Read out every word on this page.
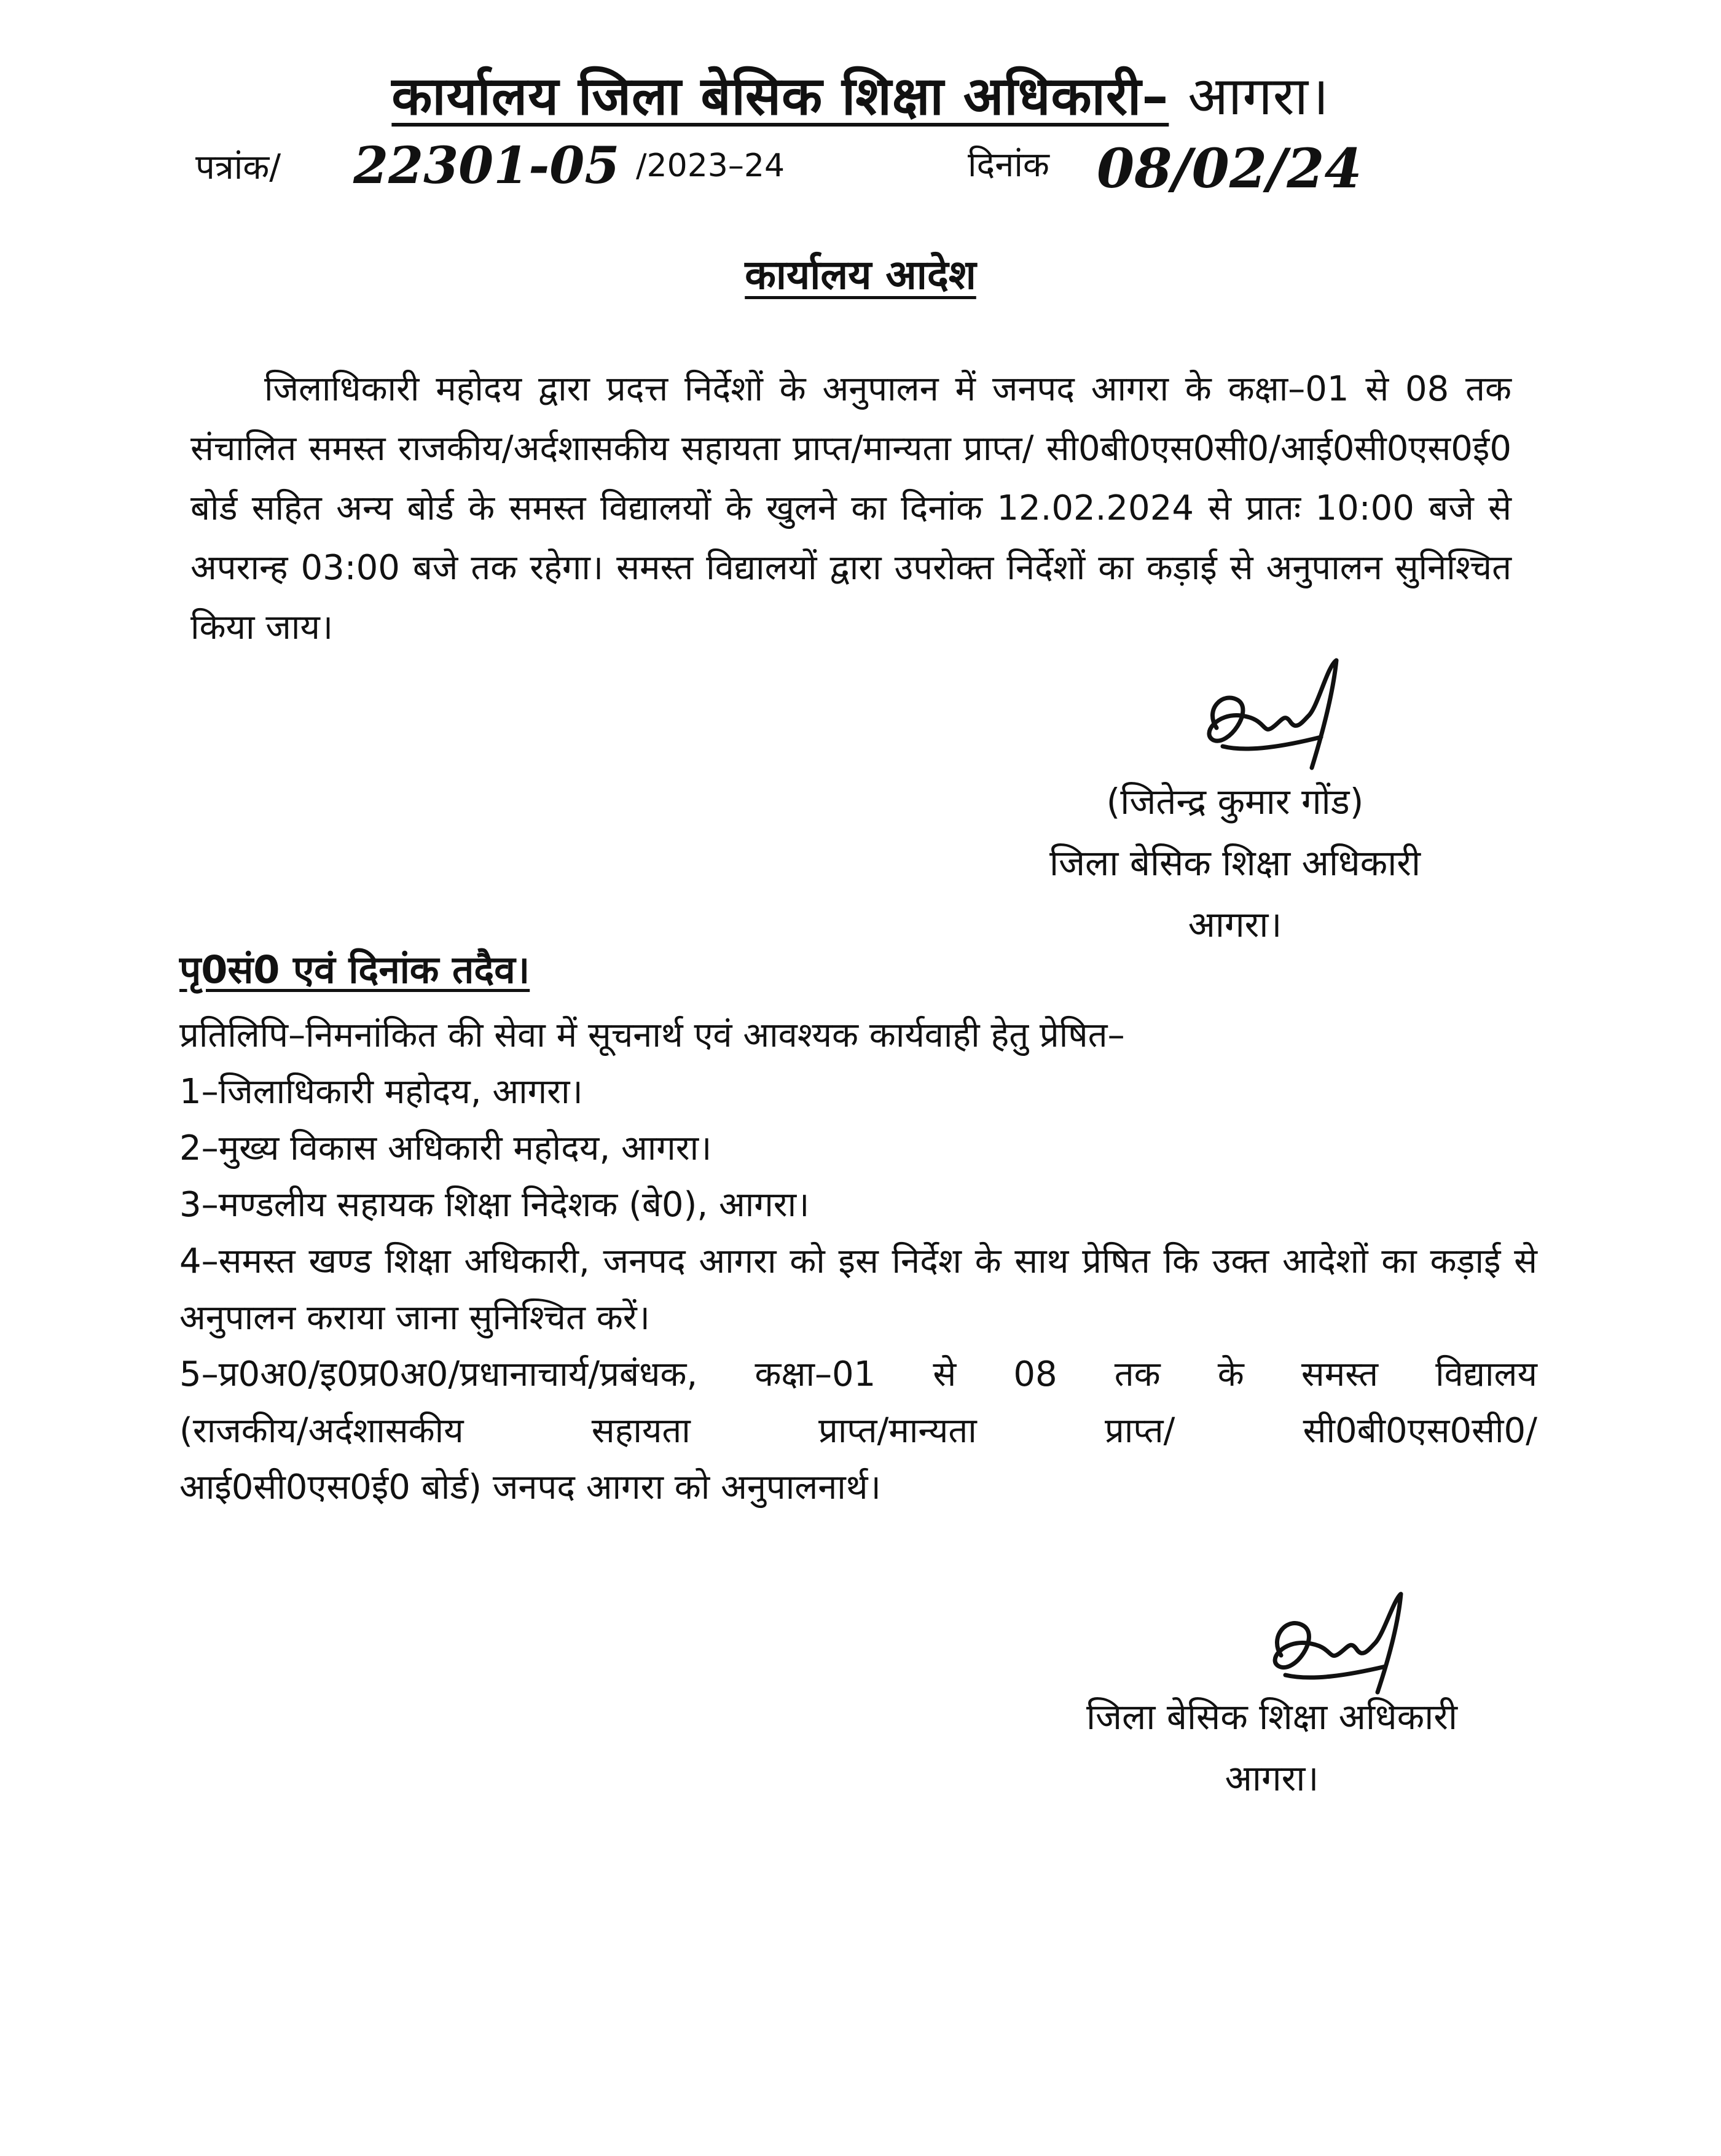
कार्यालय जिला बेसिक शिक्षा अधिकारी– आगरा।
पत्रांक/ 22301-05 /2023–24	दिनांक 08/02/24
कार्यालय आदेश

जिलाधिकारी महोदय द्वारा प्रदत्त निर्देशों के अनुपालन में जनपद आगरा के कक्षा–01 से 08 तक संचालित समस्त राजकीय/अर्दशासकीय सहायता प्राप्त/मान्यता प्राप्त/ सी0बी0एस0सी0/आई0सी0एस0ई0 बोर्ड सहित अन्य बोर्ड के समस्त विद्यालयों के खुलने का दिनांक 12.02.2024 से प्रातः 10:00 बजे से अपरान्ह 03:00 बजे तक रहेगा। समस्त विद्यालयों द्वारा उपरोक्त निर्देशों का कड़ाई से अनुपालन सुनिश्चित किया जाय।

(जितेन्द्र कुमार गोंड)
जिला बेसिक शिक्षा अधिकारी
आगरा।
पृ0सं0 एवं दिनांक तदैव।
प्रतिलिपि–निमनांकित की सेवा में सूचनार्थ एवं आवश्यक कार्यवाही हेतु प्रेषित–
1–जिलाधिकारी महोदय, आगरा।
2–मुख्य विकास अधिकारी महोदय, आगरा।
3–मण्डलीय सहायक शिक्षा निदेशक (बे0), आगरा।
4–समस्त खण्ड शिक्षा अधिकारी, जनपद आगरा को इस निर्देश के साथ प्रेषित कि उक्त आदेशों का कड़ाई से अनुपालन कराया जाना सुनिश्चित करें।
5–प्र0अ0/इ0प्र0अ0/प्रधानाचार्य/प्रबंधक, कक्षा–01 से 08 तक के समस्त विद्यालय
(राजकीय/अर्दशासकीय सहायता प्राप्त/मान्यता प्राप्त/ सी0बी0एस0सी0/
आई0सी0एस0ई0 बोर्ड) जनपद आगरा को अनुपालनार्थ।
जिला बेसिक शिक्षा अधिकारी
आगरा।
